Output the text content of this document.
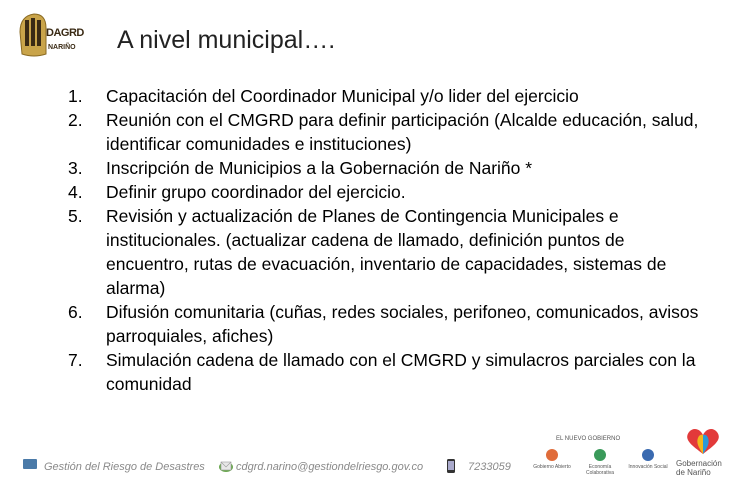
DAGRD
NARIÑO A nivel municipal….
1. Capacitación del Coordinador Municipal y/o lider del ejercicio
2. Reunión con el CMGRD para definir participación (Alcalde educación, salud, identificar comunidades e instituciones)
3. Inscripción de Municipios a la Gobernación de Nariño *
4. Definir grupo coordinador del ejercicio.
5. Revisión y actualización de Planes de Contingencia Municipales e institucionales. (actualizar cadena de llamado, definición puntos de encuentro, rutas de evacuación, inventario de capacidades, sistemas de alarma)
6. Difusión comunitaria (cuñas, redes sociales, perifoneo, comunicados, avisos parroquiales, afiches)
7. Simulación cadena de llamado con el CMGRD y simulacros parciales con la comunidad
Gestión del Riesgo de Desastres	cdgrd.narino@gestiondelriesgo.gov.co	7233059
EL NUEVO GOBIERNO
Gobierno Abierto	Economía Colaborativa
Innovación Social Gobernación
de Nariño
